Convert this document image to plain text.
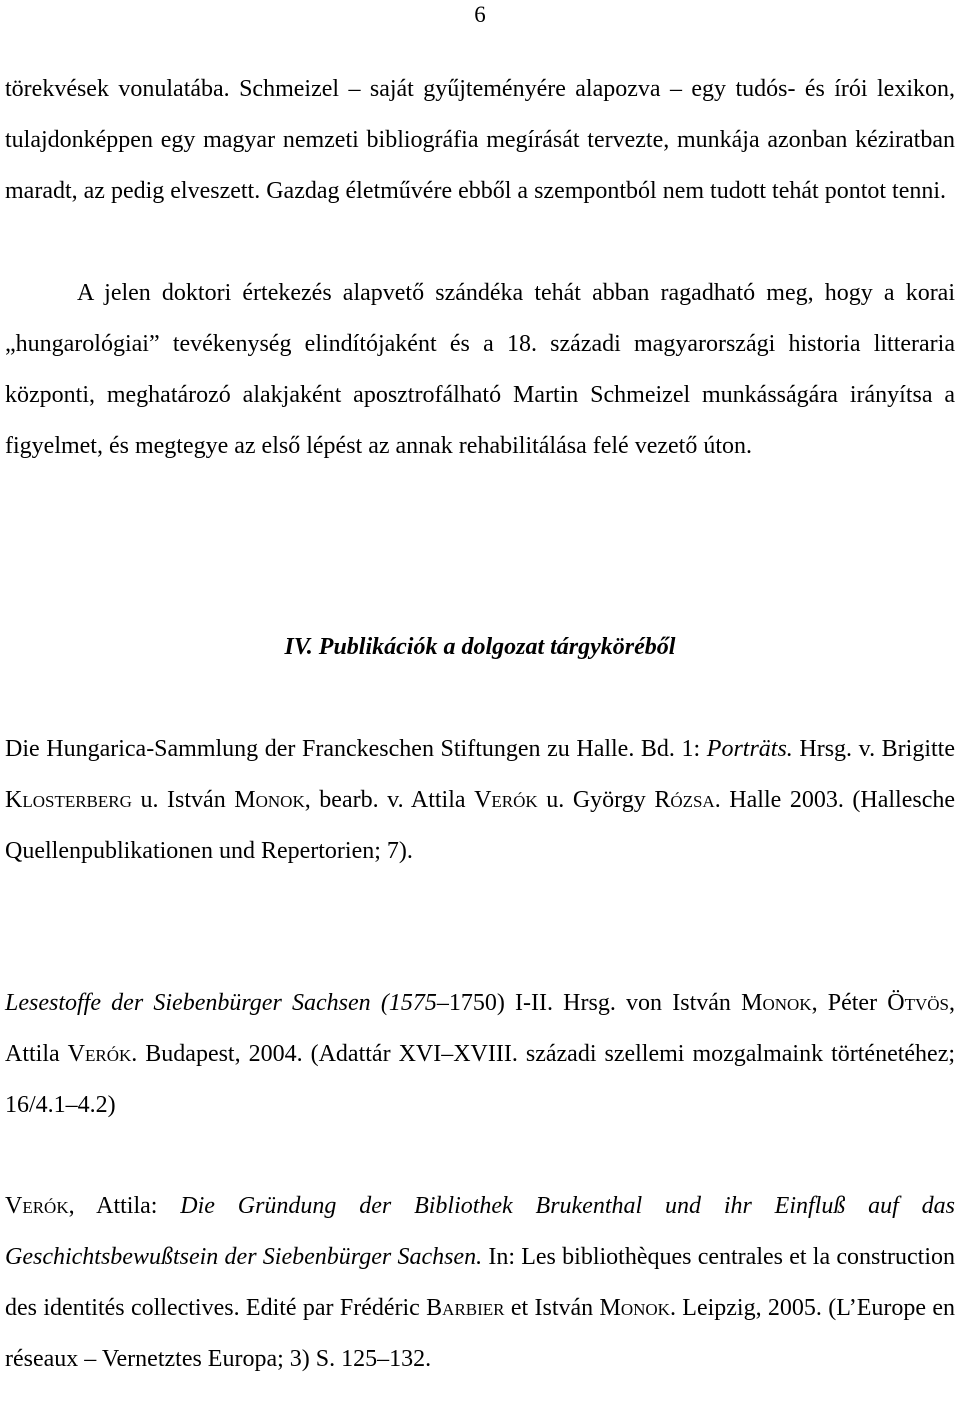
6

törekvések vonulatába. Schmeizel – saját gyűjteményére alapozva – egy tudós- és írói lexikon, tulajdonképpen egy magyar nemzeti bibliográfia megírását tervezte, munkája azonban kéziratban maradt, az pedig elveszett. Gazdag életművére ebből a szempontból nem tudott tehát pontot tenni.

A jelen doktori értekezés alapvető szándéka tehát abban ragadható meg, hogy a korai „hungarológiai” tevékenység elindítójaként és a 18. századi magyarországi historia litteraria központi, meghatározó alakjaként aposztrofálható Martin Schmeizel munkásságára irányítsa a figyelmet, és megtegye az első lépést az annak rehabilitálása felé vezető úton.

IV. Publikációk a dolgozat tárgyköréből

Die Hungarica-Sammlung der Franckeschen Stiftungen zu Halle. Bd. 1: Porträts. Hrsg. v. Brigitte Klosterberg u. István Monok, bearb. v. Attila Verók u. György Rózsa. Halle 2003. (Hallesche Quellenpublikationen und Repertorien; 7).

Lesestoffe der Siebenbürger Sachsen (1575–1750) I-II. Hrsg. von István Monok, Péter Ötvös, Attila Verók. Budapest, 2004. (Adattár XVI–XVIII. századi szellemi mozgalmaink történetéhez; 16/4.1–4.2)

Verók, Attila: Die Gründung der Bibliothek Brukenthal und ihr Einfluß auf das Geschichtsbewußtsein der Siebenbürger Sachsen. In: Les bibliothèques centrales et la construction des identités collectives. Edité par Frédéric Barbier et István Monok. Leipzig, 2005. (L’Europe en réseaux – Vernetztes Europa; 3) S. 125–132.
